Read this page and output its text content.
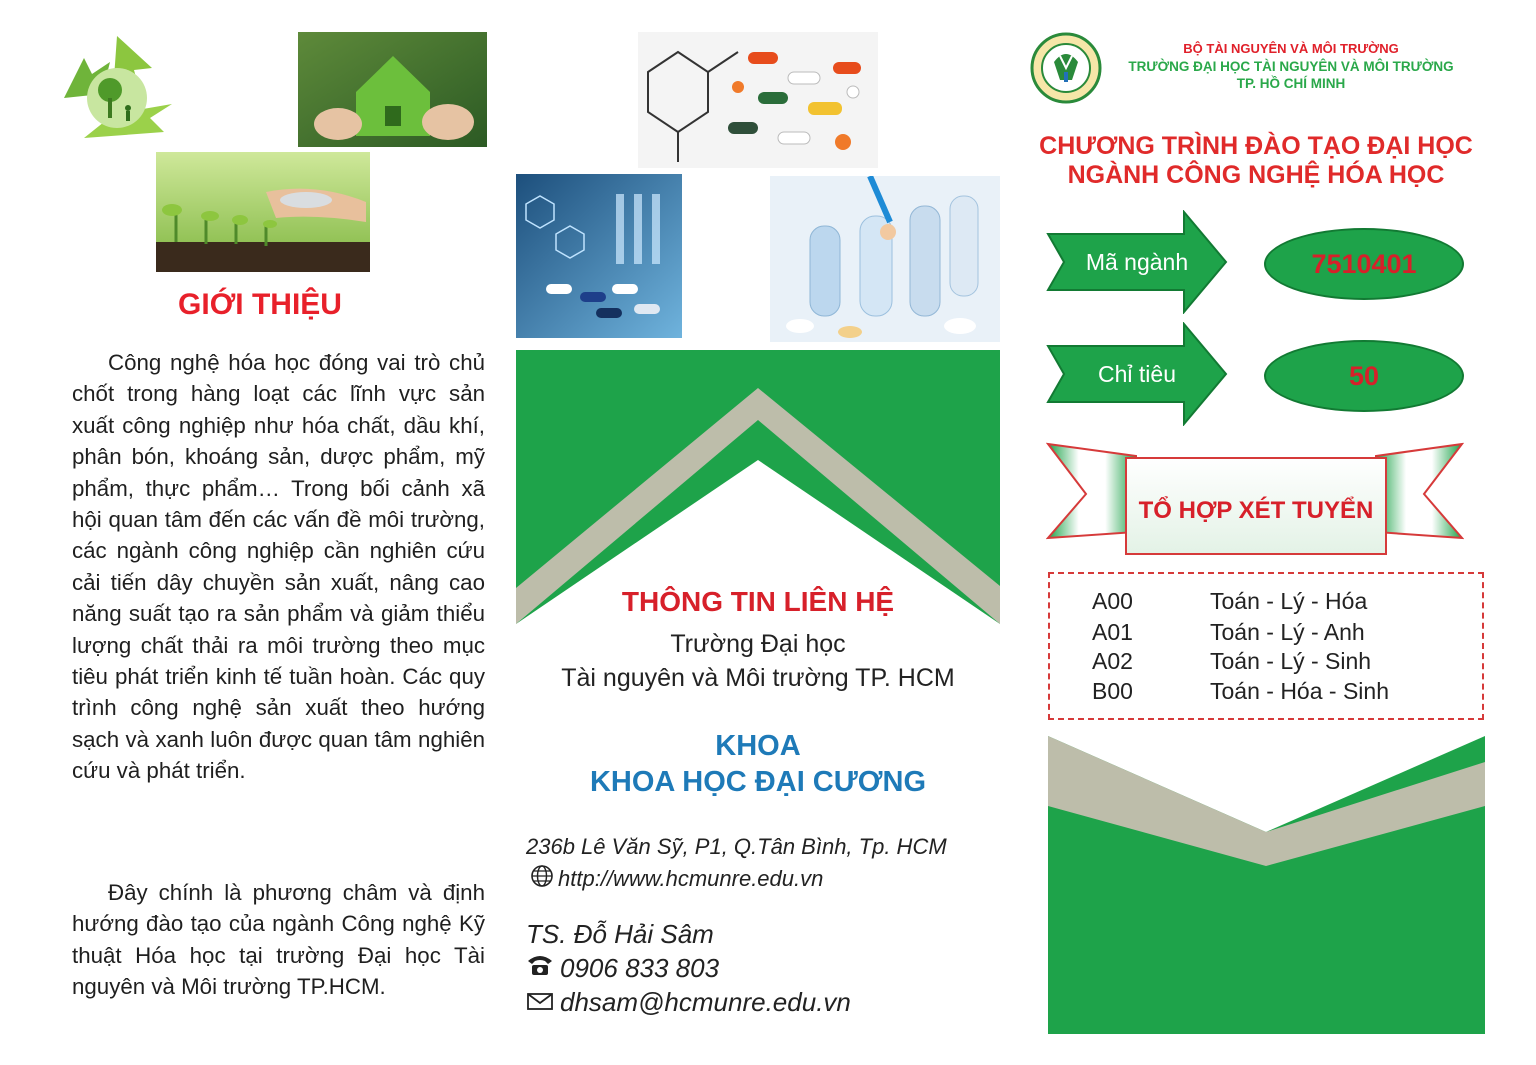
GIỚI THIỆU
Công nghệ hóa học đóng vai trò chủ chốt trong hàng loạt các lĩnh vực sản xuất công nghiệp như hóa chất, dầu khí, phân bón, khoáng sản, dược phẩm, mỹ phẩm, thực phẩm… Trong bối cảnh xã hội quan tâm đến các vấn đề môi trường, các ngành công nghiệp cần nghiên cứu cải tiến dây chuyền sản xuất, nâng cao năng suất tạo ra sản phẩm và giảm thiểu lượng chất thải ra môi trường theo mục tiêu phát triển kinh tế tuần hoàn. Các quy trình công nghệ sản xuất theo hướng sạch và xanh luôn được quan tâm nghiên cứu và phát triển.
Đây chính là phương châm và định hướng đào tạo của ngành Công nghệ Kỹ thuật Hóa học tại trường Đại học Tài nguyên và Môi trường TP.HCM.
THÔNG TIN LIÊN HỆ
Trường Đại học
Tài nguyên và Môi trường TP. HCM
KHOA
KHOA HỌC ĐẠI CƯƠNG
236b Lê Văn Sỹ, P1, Q.Tân Bình, Tp. HCM
http://www.hcmunre.edu.vn
TS. Đỗ Hải Sâm
0906 833 803
dhsam@hcmunre.edu.vn
BỘ TÀI NGUYÊN VÀ MÔI TRƯỜNG
TRƯỜNG ĐẠI HỌC TÀI NGUYÊN VÀ MÔI TRƯỜNG
TP. HỒ CHÍ MINH
CHƯƠNG TRÌNH ĐÀO TẠO ĐẠI HỌC
NGÀNH CÔNG NGHỆ HÓA HỌC
Mã ngành	7510401
Chỉ tiêu	50
TỔ HỢP XÉT TUYỂN
A00	Toán - Lý - Hóa
A01	Toán - Lý - Anh
A02	Toán - Lý - Sinh
B00	Toán - Hóa - Sinh
